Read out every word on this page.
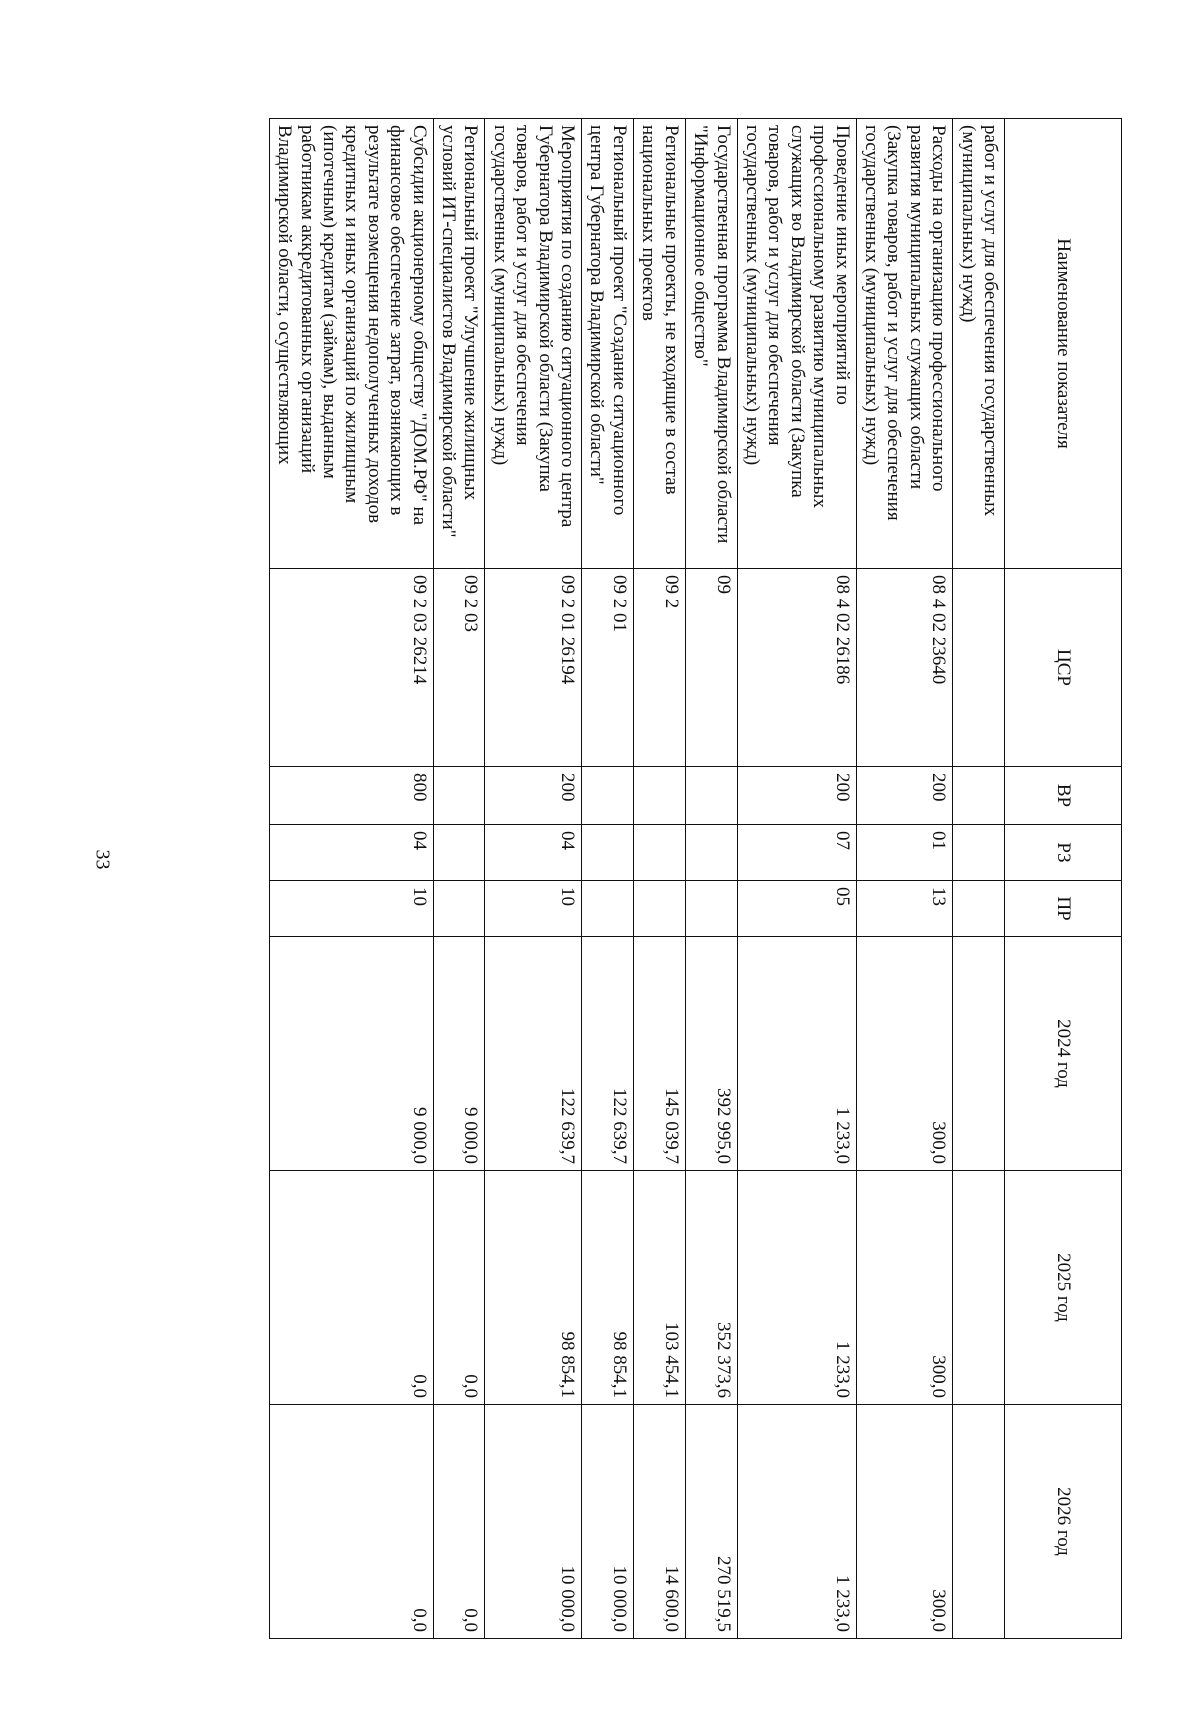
33
Наименование показателя	ЦСР	ВР	РЗ	ПР	2024 год	2025 год	2026 год
работ и услуг для обеспечения государственных (муниципальных) нужд)							
Расходы на организацию профессионального развития муниципальных служащих области (Закупка товаров, работ и услуг для обеспечения государственных (муниципальных) нужд)	08 4 02 23640	200	01	13	300,0	300,0	300,0
Проведение иных мероприятий по профессиональному развитию муниципальных служащих во Владимирской области (Закупка товаров, работ и услуг для обеспечения государственных (муниципальных) нужд)	08 4 02 26186	200	07	05	1 233,0	1 233,0	1 233,0
Государственная программа Владимирской области "Информационное общество"	09				392 995,0	352 373,6	270 519,5
Региональные проекты, не входящие в состав национальных проектов	09 2				145 039,7	103 454,1	14 600,0
Региональный проект "Создание ситуационного центра Губернатора Владимирской области"	09 2 01				122 639,7	98 854,1	10 000,0
Мероприятия по созданию ситуационного центра Губернатора Владимирской области (Закупка товаров, работ и услуг для обеспечения государственных (муниципальных) нужд)	09 2 01 26194	200	04	10	122 639,7	98 854,1	10 000,0
Региональный проект "Улучшение жилищных условий ИТ-специалистов Владимирской области"	09 2 03				9 000,0	0,0	0,0
Субсидии акционерному обществу "ДОМ.РФ" на финансовое обеспечение затрат, возникающих в результате возмещения недополученных доходов кредитных и иных организаций по жилищным (ипотечным) кредитам (займам), выданным работникам аккредитованных организаций Владимирской области, осуществляющих	09 2 03 26214	800	04	10	9 000,0	0,0	0,0
